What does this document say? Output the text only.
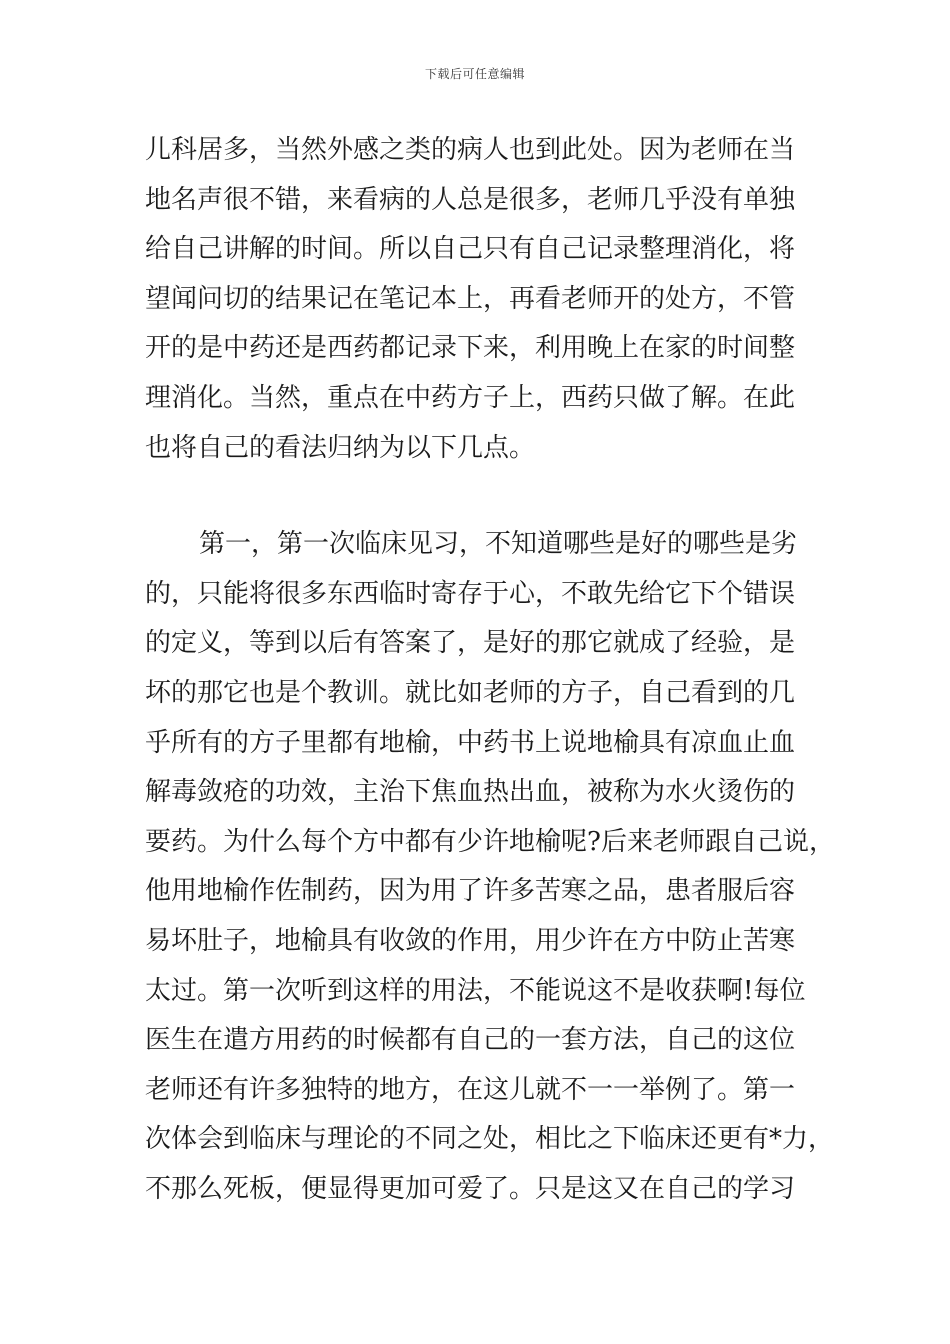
下载后可任意编辑
儿科居多，当然外感之类的病人也到此处。因为老师在当
地名声很不错，来看病的人总是很多，老师几乎没有单独
给自己讲解的时间。所以自己只有自己记录整理消化，将
望闻问切的结果记在笔记本上，再看老师开的处方，不管
开的是中药还是西药都记录下来，利用晚上在家的时间整
理消化。当然，重点在中药方子上，西药只做了解。在此
也将自己的看法归纳为以下几点。
第一，第一次临床见习，不知道哪些是好的哪些是劣
的，只能将很多东西临时寄存于心，不敢先给它下个错误
的定义，等到以后有答案了，是好的那它就成了经验，是
坏的那它也是个教训。就比如老师的方子，自己看到的几
乎所有的方子里都有地榆，中药书上说地榆具有凉血止血
解毒敛疮的功效，主治下焦血热出血，被称为水火烫伤的
要药。为什么每个方中都有少许地榆呢?后来老师跟自己说，
他用地榆作佐制药，因为用了许多苦寒之品，患者服后容
易坏肚子，地榆具有收敛的作用，用少许在方中防止苦寒
太过。第一次听到这样的用法，不能说这不是收获啊!每位
医生在遣方用药的时候都有自己的一套方法，自己的这位
老师还有许多独特的地方，在这儿就不一一举例了。第一
次体会到临床与理论的不同之处，相比之下临床还更有*力，
不那么死板，便显得更加可爱了。只是这又在自己的学习
